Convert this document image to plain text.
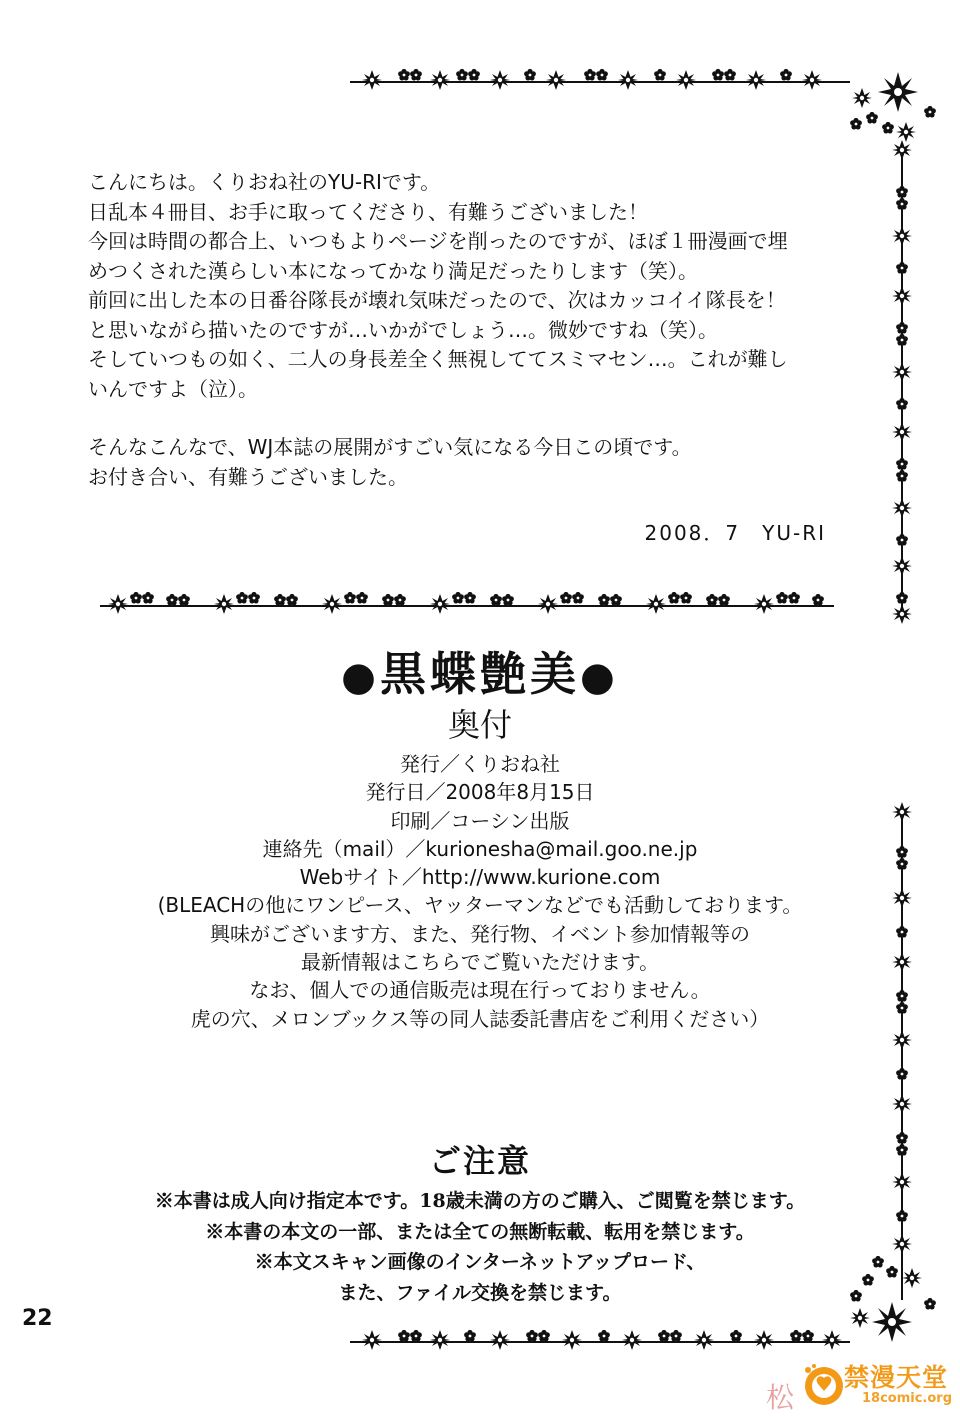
こんにちは。くりおね社のYU-RIです。

日乱本４冊目、お手に取ってくださり、有難うございました！

今回は時間の都合上、いつもよりページを削ったのですが、ほぼ１冊漫画で埋

めつくされた漢らしい本になってかなり満足だったりします（笑）。

前回に出した本の日番谷隊長が壊れ気味だったので、次はカッコイイ隊長を！

と思いながら描いたのですが…いかがでしょう…。微妙ですね（笑）。

そしていつもの如く、二人の身長差全く無視しててスミマセン…。これが難し

いんですよ（泣）。

そんなこんなで、WJ本誌の展開がすごい気になる今日この頃です。

お付き合い、有難うございました。

2008．7　YU-RI
●黒蝶艶美●
奥付

発行／くりおね社

発行日／2008年8月15日

印刷／コーシン出版

連絡先（mail）／kurionesha@mail.goo.ne.jp

Webサイト／http://www.kurione.com

(BLEACHの他にワンピース、ヤッターマンなどでも活動しております。

興味がございます方、また、発行物、イベント参加情報等の

最新情報はこちらでご覧いただけます。

なお、個人での通信販売は現在行っておりません。

虎の穴、メロンブックス等の同人誌委託書店をご利用ください）

ご注意

※本書は成人向け指定本です。18歳未満の方のご購入、ご閲覧を禁じます。

※本書の本文の一部、または全ての無断転載、転用を禁じます。

※本文スキャン画像のインターネットアップロード、

また、ファイル交換を禁じます。

22
松
禁漫天堂
18comic.org
